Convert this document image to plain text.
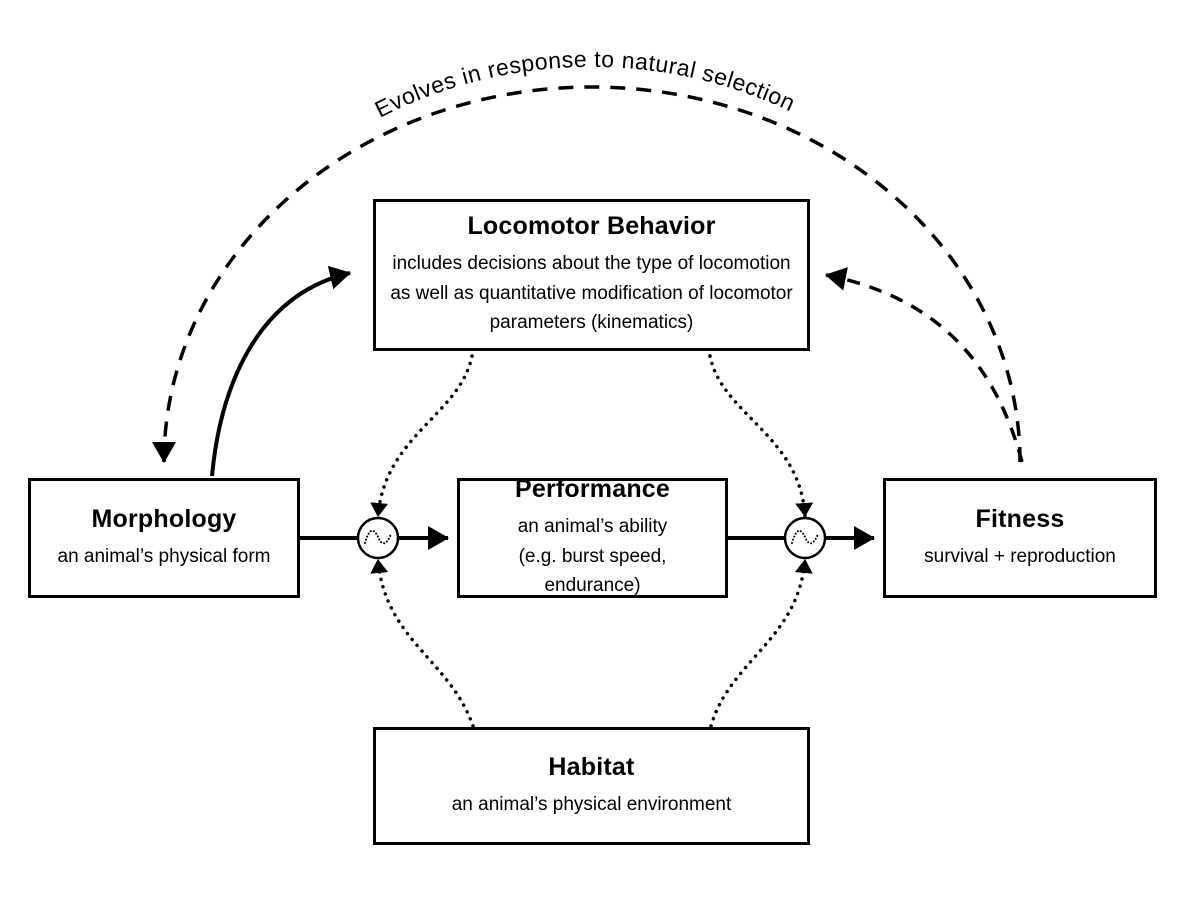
Evolves in response to natural selection
Locomotor Behavior
includes decisions about the type of locomotion
as well as quantitative modification of locomotor
parameters (kinematics)
Morphology
an animal’s physical form
Performance
an animal’s ability
(e.g. burst speed, endurance)
Fitness
survival + reproduction
Habitat
an animal’s physical environment
